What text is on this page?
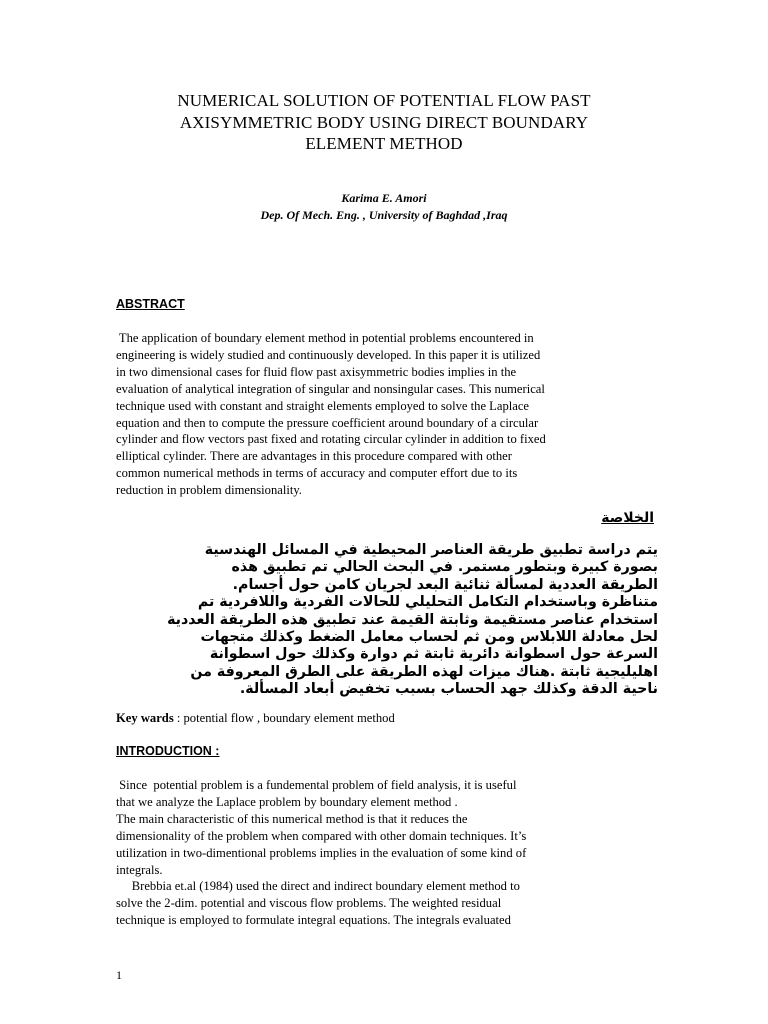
NUMERICAL SOLUTION OF POTENTIAL FLOW PAST
AXISYMMETRIC BODY USING DIRECT BOUNDARY
ELEMENT METHOD
Karima E. Amori
Dep. Of Mech. Eng. , University of Baghdad ,Iraq
ABSTRACT
The application of boundary element method in potential problems encountered in
engineering is widely studied and continuously developed. In this paper it is utilized
in two dimensional cases for fluid flow past axisymmetric bodies implies in the
evaluation of analytical integration of singular and nonsingular cases. This numerical
technique used with constant and straight elements employed to solve the Laplace
equation and then to compute the pressure coefficient around boundary of a circular
cylinder and flow vectors past fixed and rotating circular cylinder in addition to fixed
elliptical cylinder. There are advantages in this procedure compared with other
common numerical methods in terms of accuracy and computer effort due to its
reduction in problem dimensionality.
الخلاصة
يتم دراسة تطبيق طريقة العناصر المحيطية في المسائل الهندسية
بصورة كبيرة وبتطور مستمر. في البحث الحالي تم تطبيق هذه
الطريقة العددية لمسألة ثنائية البعد لجريان كامن حول أجسام.
متناظرة وباستخدام التكامل التحليلي للحالات الفردية واللافردية تم
استخدام عناصر مستقيمة وثابتة القيمة عند تطبيق هذه الطريقة العددية
لحل معادلة اللابلاس ومن ثم لحساب معامل الضغط وكذلك متجهات
السرعة حول اسطوانة دائرية ثابتة ثم دوارة وكذلك حول اسطوانة
اهليليجية ثابتة .هناك ميزات لهذه الطريقة على الطرق المعروفة من
ناحية الدقة وكذلك جهد الحساب بسبب تخفيض أبعاد المسألة.
Key wards : potential flow , boundary element method
INTRODUCTION :
Since  potential problem is a fundemental problem of field analysis, it is useful
that we analyze the Laplace problem by boundary element method .
The main characteristic of this numerical method is that it reduces the
dimensionality of the problem when compared with other domain techniques. It’s
utilization in two-dimentional problems implies in the evaluation of some kind of
integrals.
Brebbia et.al (1984) used the direct and indirect boundary element method to
solve the 2-dim. potential and viscous flow problems. The weighted residual
technique is employed to formulate integral equations. The integrals evaluated
1
